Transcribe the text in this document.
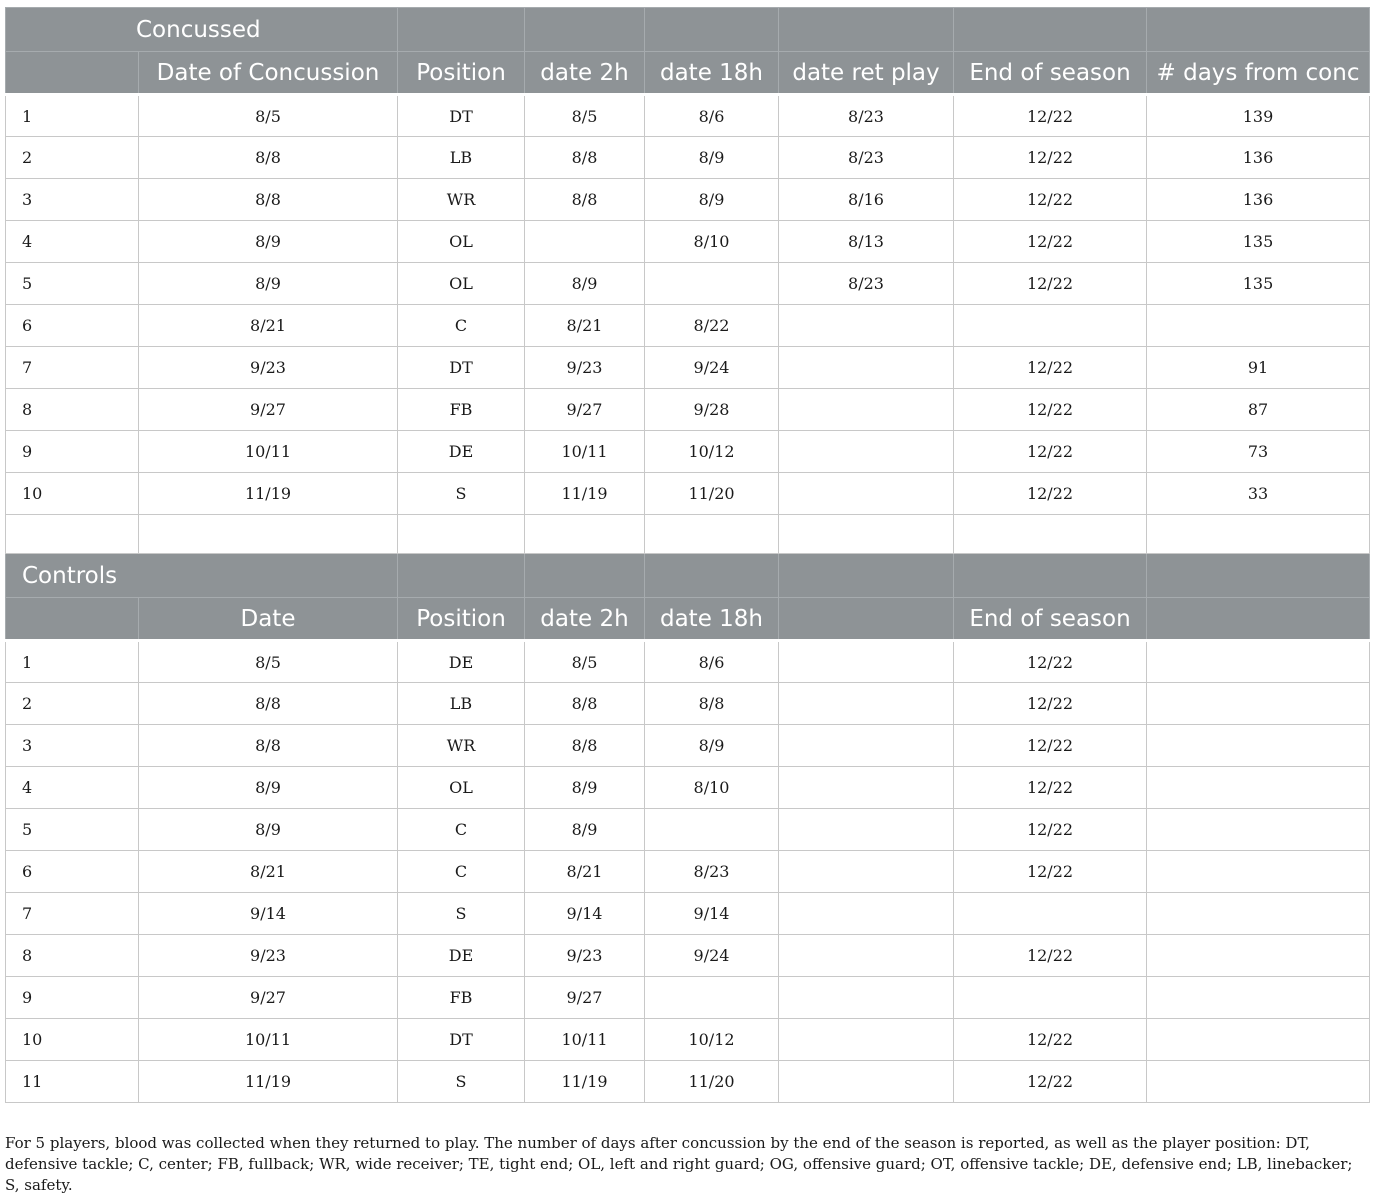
Concussed							
	Date of Concussion	Position	date 2h	date 18h	date ret play	End of season	# days from conc
1	8/5	DT	8/5	8/6	8/23	12/22	139
2	8/8	LB	8/8	8/9	8/23	12/22	136
3	8/8	WR	8/8	8/9	8/16	12/22	136
4	8/9	OL		8/10	8/13	12/22	135
5	8/9	OL	8/9		8/23	12/22	135
6	8/21	C	8/21	8/22			
7	9/23	DT	9/23	9/24		12/22	91
8	9/27	FB	9/27	9/28		12/22	87
9	10/11	DE	10/11	10/12		12/22	73
10	11/19	S	11/19	11/20		12/22	33

Controls							
	Date	Position	date 2h	date 18h		End of season	
1	8/5	DE	8/5	8/6		12/22	
2	8/8	LB	8/8	8/8		12/22	
3	8/8	WR	8/8	8/9		12/22	
4	8/9	OL	8/9	8/10		12/22	
5	8/9	C	8/9			12/22	
6	8/21	C	8/21	8/23		12/22	
7	9/14	S	9/14	9/14			
8	9/23	DE	9/23	9/24		12/22	
9	9/27	FB	9/27				
10	10/11	DT	10/11	10/12		12/22	
11	11/19	S	11/19	11/20		12/22	
For 5 players, blood was collected when they returned to play. The number of days after concussion by the end of the season is reported, as well as the player position: DT, defensive tackle; C, center; FB, fullback; WR, wide receiver; TE, tight end; OL, left and right guard; OG, offensive guard; OT, offensive tackle; DE, defensive end; LB, linebacker; S, safety.
